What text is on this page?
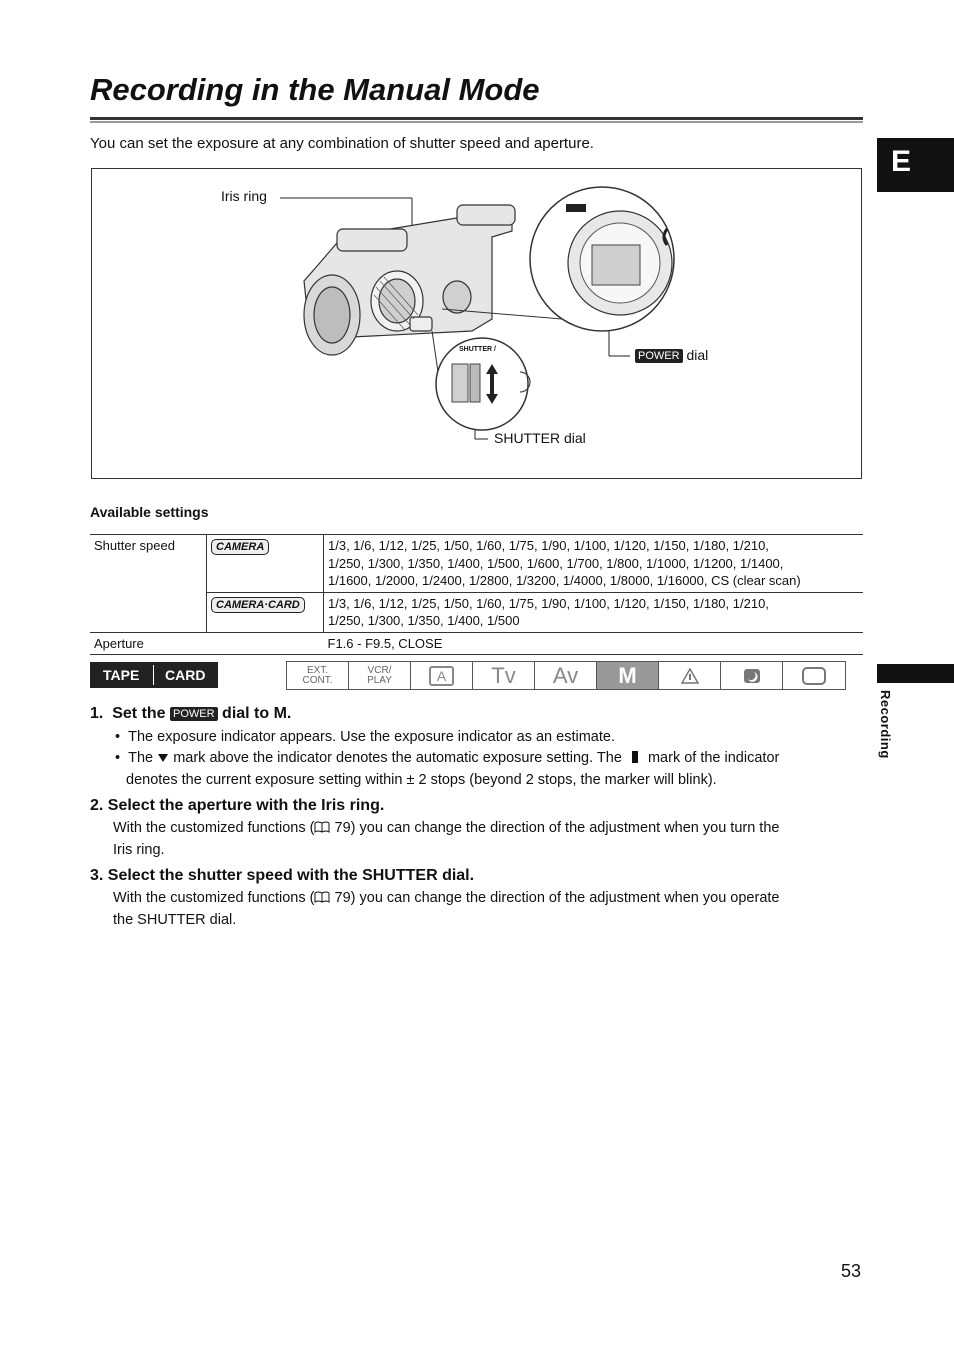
Recording in the Manual Mode
You can set the exposure at any combination of shutter speed and aperture.
E
Iris ring
POWER dial
SHUTTER dial
SHUTTER /
Available settings
Shutter speed	CAMERA	1/3, 1/6, 1/12, 1/25, 1/50, 1/60, 1/75, 1/90, 1/100, 1/120, 1/150, 1/180, 1/210,
1/250, 1/300, 1/350, 1/400, 1/500, 1/600, 1/700, 1/800, 1/1000, 1/1200, 1/1400,
1/1600, 1/2000, 1/2400, 1/2800, 1/3200, 1/4000, 1/8000, 1/16000, CS (clear scan)

	CAMERA·CARD	1/3, 1/6, 1/12, 1/25, 1/50, 1/60, 1/75, 1/90, 1/100, 1/120, 1/150, 1/180, 1/210,
1/250, 1/300, 1/350, 1/400, 1/500

Aperture		F1.6 - F9.5, CLOSE
TAPE CARD	EXT.
CONT.
VCR/
PLAY	A	Tv	Av	M
Recording
1. Set the POWER dial to M.
•  The exposure indicator appears. Use the exposure indicator as an estimate.
•  The mark above the indicator denotes the automatic exposure setting. The mark of the indicator
denotes the current exposure setting within ± 2 stops (beyond 2 stops, the marker will blink).
2. Select the aperture with the Iris ring.
With the customized functions ( 79) you can change the direction of the adjustment when you turn the
Iris ring.
3. Select the shutter speed with the SHUTTER dial.
With the customized functions ( 79) you can change the direction of the adjustment when you operate
the SHUTTER dial.
53
